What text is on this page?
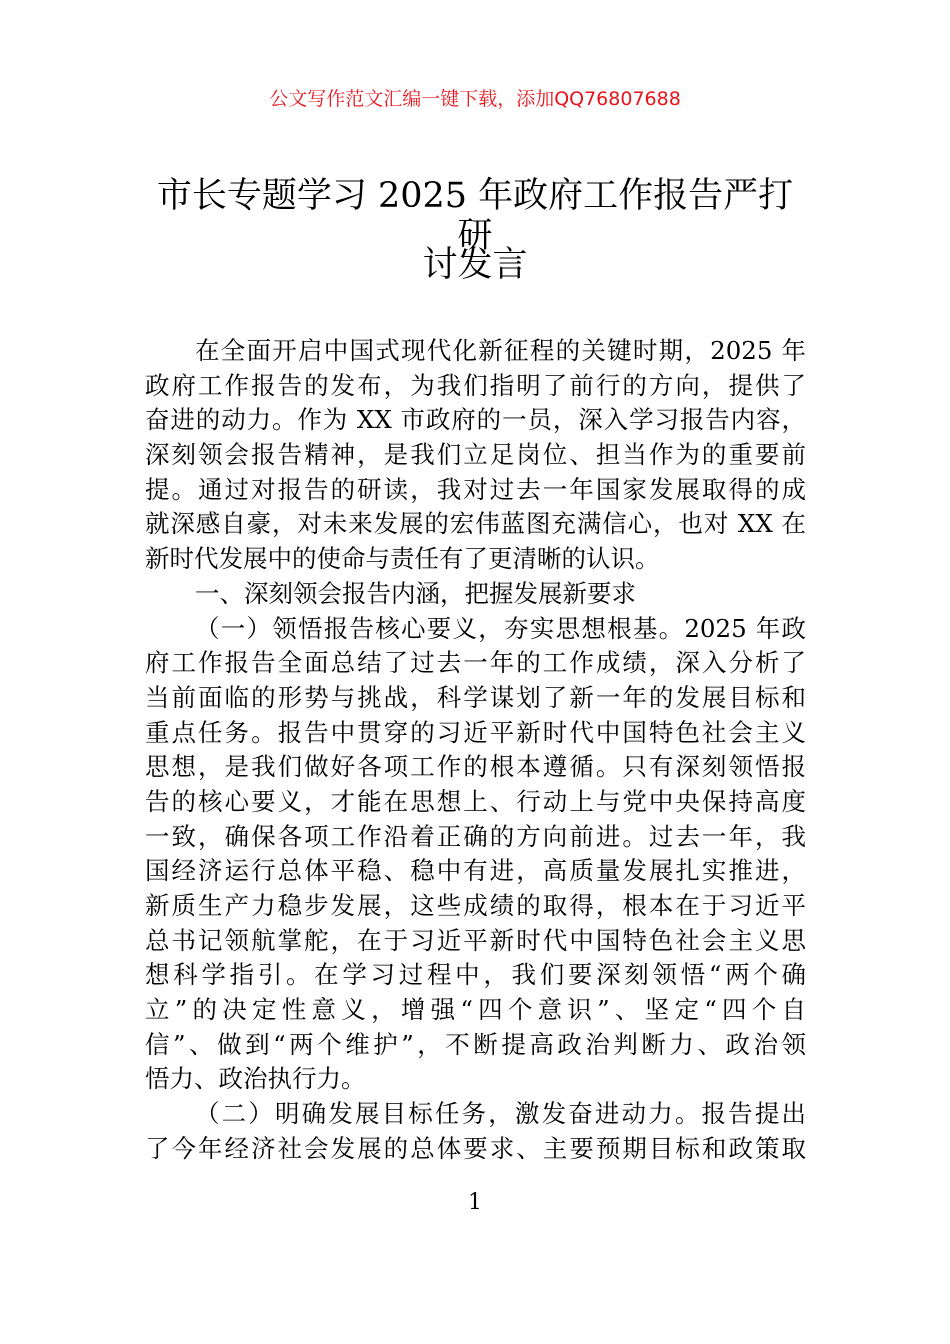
公文写作范文汇编一键下载，添加QQ76807688
市长专题学习 2025 年政府工作报告严打研
讨发言
在全面开启中国式现代化新征程的关键时期，2025 年
政府工作报告的发布，为我们指明了前行的方向，提供了
奋进的动力。作为 XX 市政府的一员，深入学习报告内容，
深刻领会报告精神，是我们立足岗位、担当作为的重要前
提。通过对报告的研读，我对过去一年国家发展取得的成
就深感自豪，对未来发展的宏伟蓝图充满信心，也对 XX 在
新时代发展中的使命与责任有了更清晰的认识。
一、深刻领会报告内涵，把握发展新要求
（一）领悟报告核心要义，夯实思想根基。2025 年政
府工作报告全面总结了过去一年的工作成绩，深入分析了
当前面临的形势与挑战，科学谋划了新一年的发展目标和
重点任务。报告中贯穿的习近平新时代中国特色社会主义
思想，是我们做好各项工作的根本遵循。只有深刻领悟报
告的核心要义，才能在思想上、行动上与党中央保持高度
一致，确保各项工作沿着正确的方向前进。过去一年，我
国经济运行总体平稳、稳中有进，高质量发展扎实推进，
新质生产力稳步发展，这些成绩的取得，根本在于习近平
总书记领航掌舵，在于习近平新时代中国特色社会主义思
想科学指引。在学习过程中，我们要深刻领悟“两个确
立”的决定性意义，增强“四个意识”、坚定“四个自
信”、做到“两个维护”，不断提高政治判断力、政治领
悟力、政治执行力。
（二）明确发展目标任务，激发奋进动力。报告提出
了今年经济社会发展的总体要求、主要预期目标和政策取
1
